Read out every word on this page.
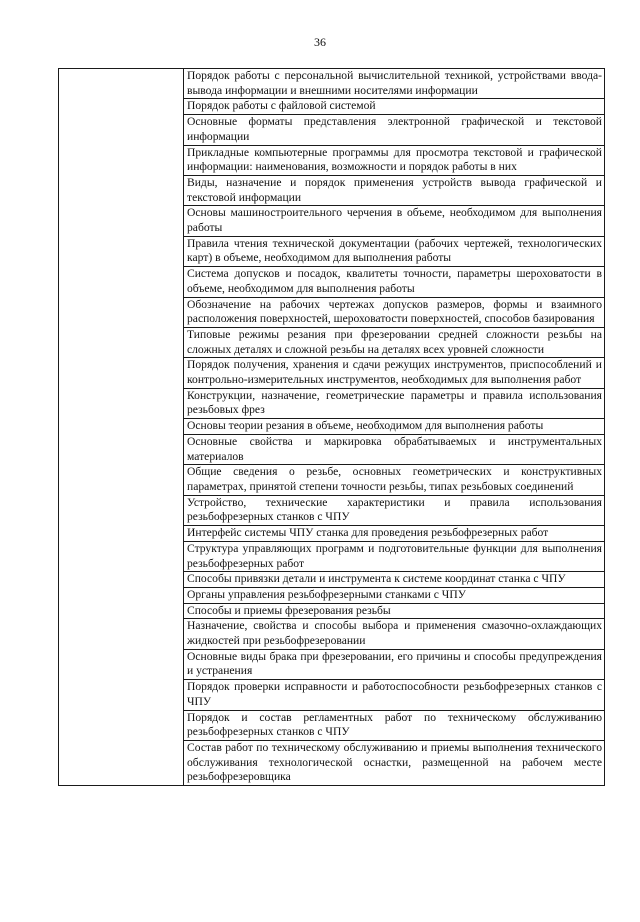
36

Порядок работы с персональной вычислительной техникой, устройствами ввода-вывода информации и внешними носителями информации

Порядок работы с файловой системой

Основные форматы представления электронной графической и текстовой информации

Прикладные компьютерные программы для просмотра текстовой и графической информации: наименования, возможности и порядок работы в них

Виды, назначение и порядок применения устройств вывода графической и текстовой информации

Основы машиностроительного черчения в объеме, необходимом для выполнения работы

Правила чтения технической документации (рабочих чертежей, технологических карт) в объеме, необходимом для выполнения работы

Система допусков и посадок, квалитеты точности, параметры шероховатости в объеме, необходимом для выполнения работы

Обозначение на рабочих чертежах допусков размеров, формы и взаимного расположения поверхностей, шероховатости поверхностей, способов базирования

Типовые режимы резания при фрезеровании средней сложности резьбы на сложных деталях и сложной резьбы на деталях всех уровней сложности

Порядок получения, хранения и сдачи режущих инструментов, приспособлений и контрольно-измерительных инструментов, необходимых для выполнения работ

Конструкции, назначение, геометрические параметры и правила использования резьбовых фрез

Основы теории резания в объеме, необходимом для выполнения работы

Основные свойства и маркировка обрабатываемых и инструментальных материалов

Общие сведения о резьбе, основных геометрических и конструктивных параметрах, принятой степени точности резьбы, типах резьбовых соединений

Устройство, технические характеристики и правила использования резьбофрезерных станков с ЧПУ

Интерфейс системы ЧПУ станка для проведения резьбофрезерных работ

Структура управляющих программ и подготовительные функции для выполнения резьбофрезерных работ

Способы привязки детали и инструмента к системе координат станка с ЧПУ

Органы управления резьбофрезерными станками с ЧПУ

Способы и приемы фрезерования резьбы

Назначение, свойства и способы выбора и применения смазочно-охлаждающих жидкостей при резьбофрезеровании

Основные виды брака при фрезеровании, его причины и способы предупреждения и устранения

Порядок проверки исправности и работоспособности резьбофрезерных станков с ЧПУ

Порядок и состав регламентных работ по техническому обслуживанию резьбофрезерных станков с ЧПУ

Состав работ по техническому обслуживанию и приемы выполнения технического обслуживания технологической оснастки, размещенной на рабочем месте резьбофрезеровщика
